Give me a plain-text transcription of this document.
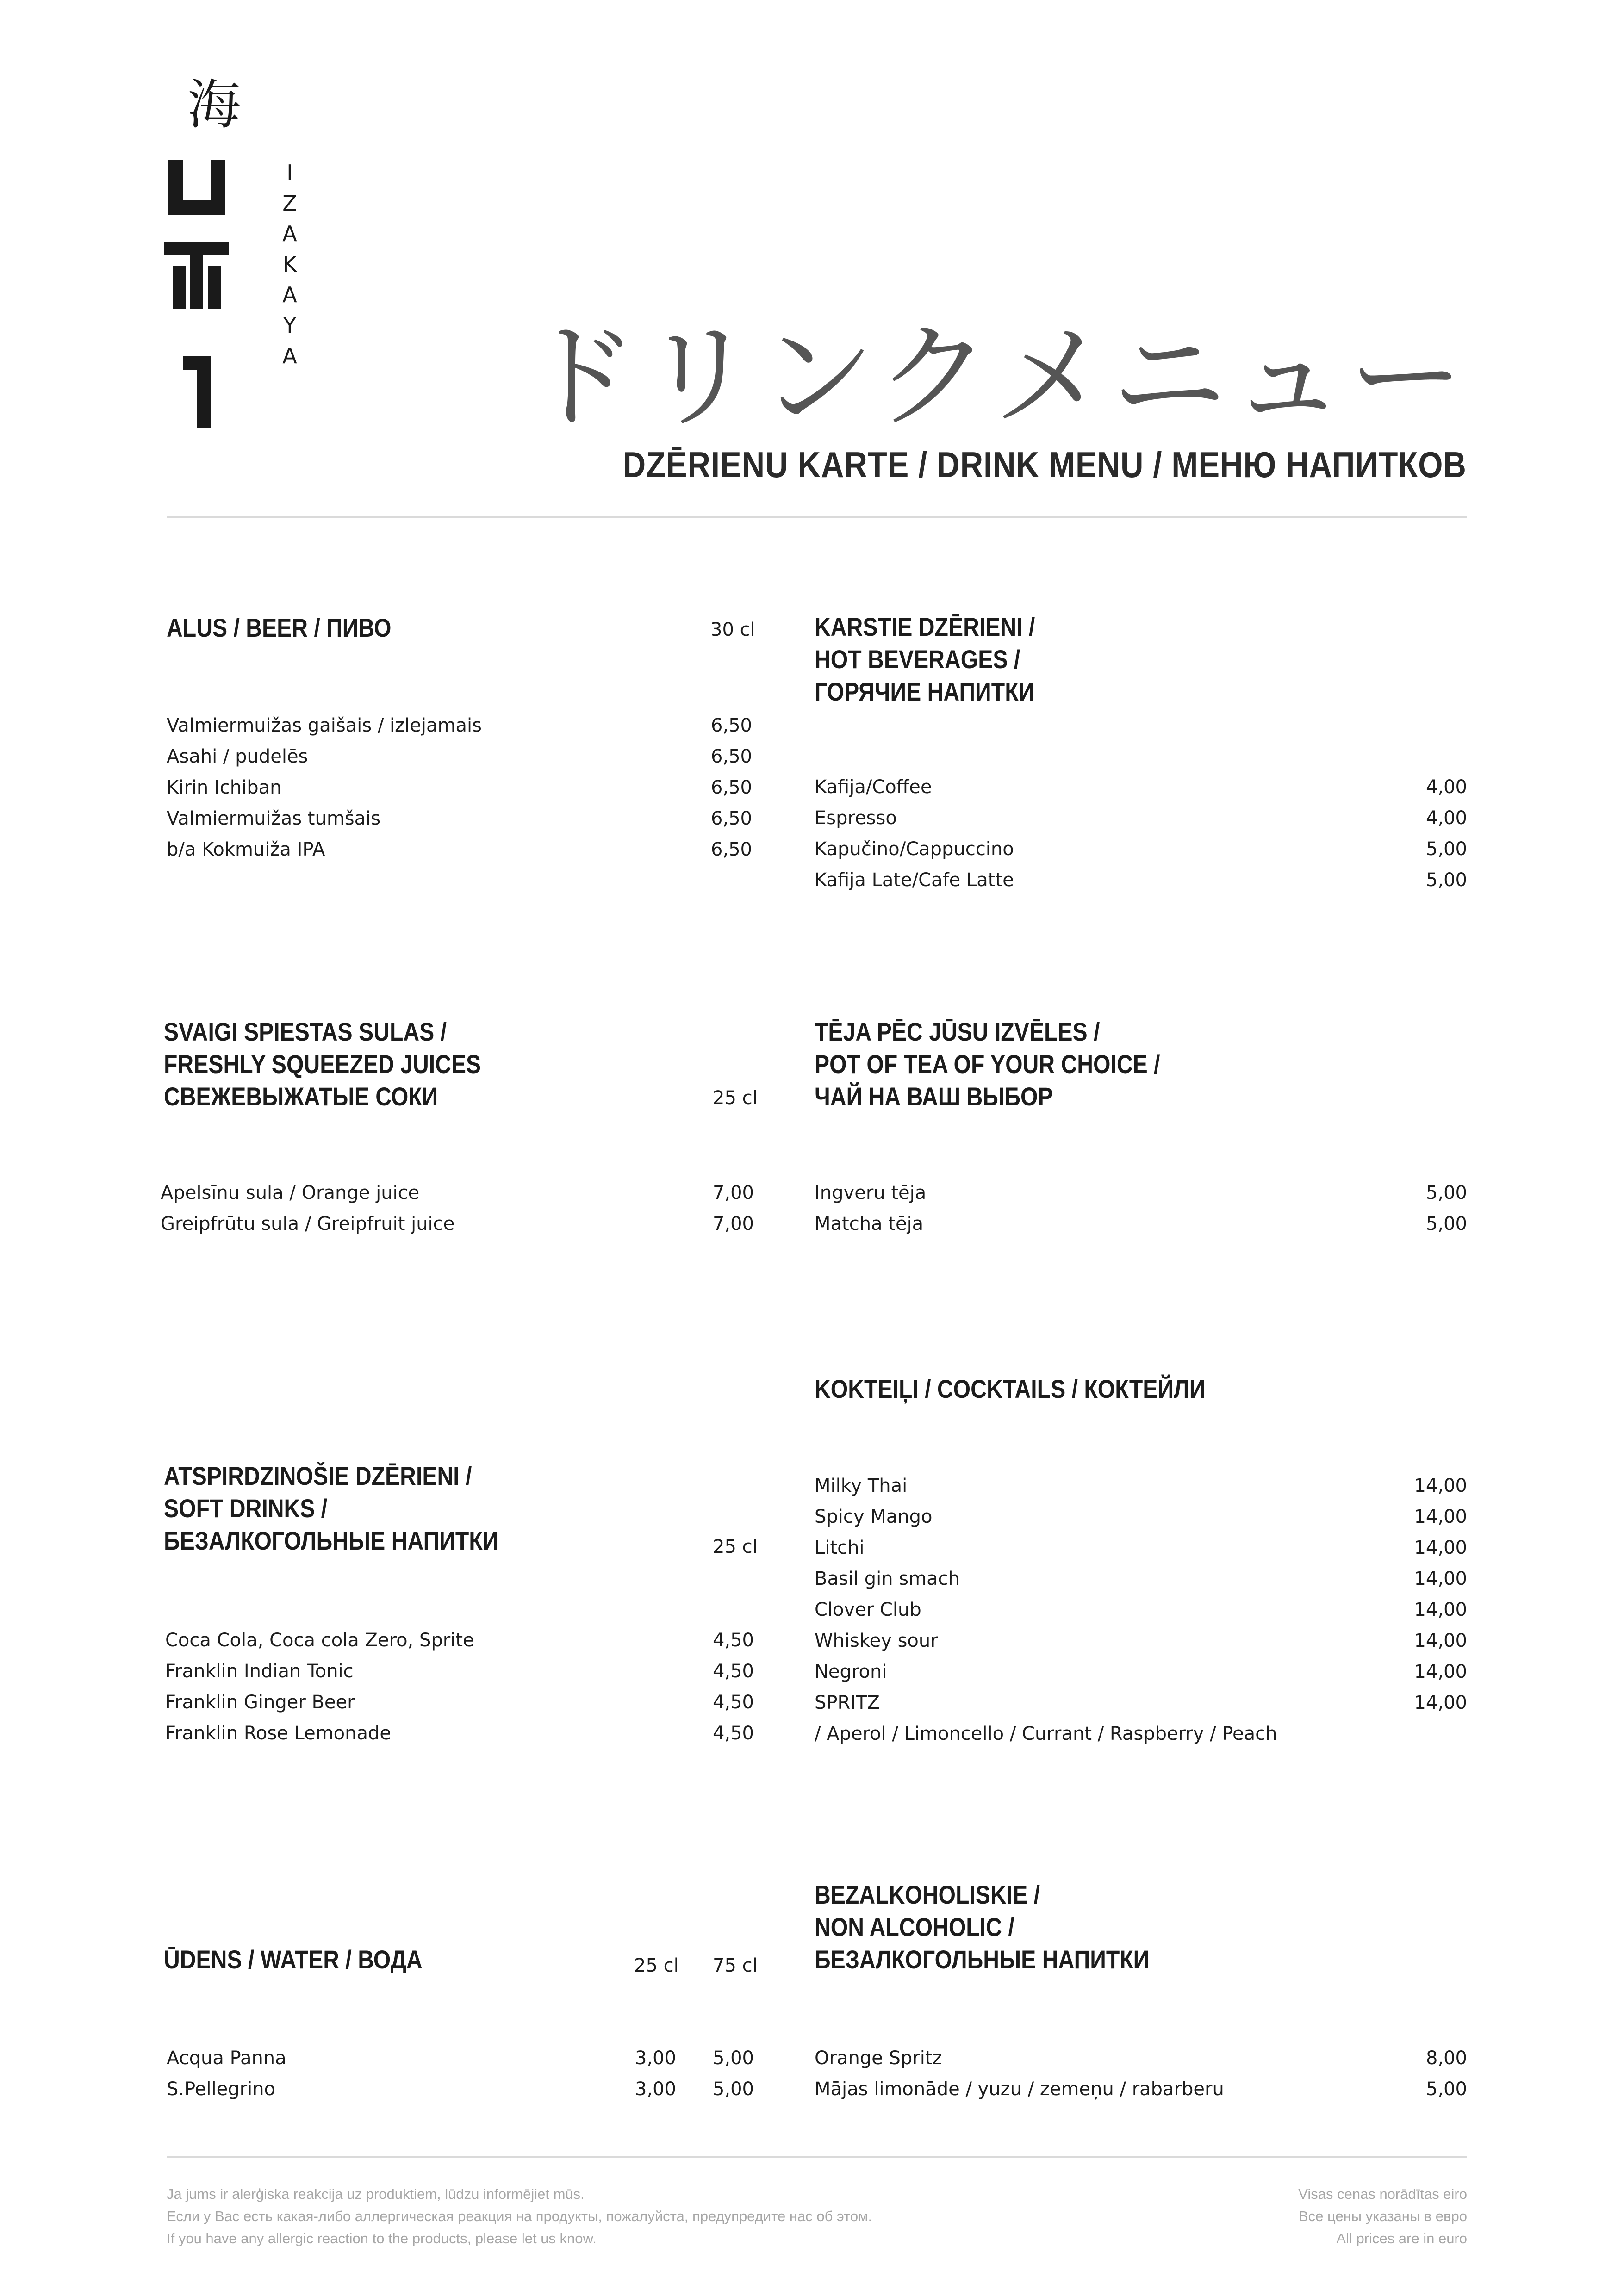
海
I
Z
A
K
A
Y
A ドリンクメニュー
DZĒRIENU KARTE / DRINK MENU / МЕНЮ НАПИТКОВ
ALUS / BEER / ПИВО	30 cl
Valmiermuižas gaišais / izlejamais	6,50
Asahi / pudelēs	6,50
Kirin Ichiban	6,50
Valmiermuižas tumšais	6,50
b/a Kokmuiža IPA	6,50
KARSTIE DZĒRIENI /
HOT BEVERAGES /
ГОРЯЧИЕ НАПИТКИ
Kafija/Coffee	4,00
Espresso	4,00
Kapučino/Cappuccino	5,00
Kafija Late/Cafe Latte	5,00
SVAIGI SPIESTAS SULAS /
FRESHLY SQUEEZED JUICES
СВЕЖЕВЫЖАТЫЕ СОКИ	25 cl
Apelsīnu sula / Orange juice	7,00
Greipfrūtu sula / Greipfruit juice	7,00
TĒJA PĒC JŪSU IZVĒLES /
POT OF TEA OF YOUR CHOICE /
ЧАЙ НА ВАШ ВЫБОР
Ingveru tēja	5,00
Matcha tēja	5,00
KOKTEIĻI / COCKTAILS / КОКТЕЙЛИ
Milky Thai	14,00
Spicy Mango	14,00
Litchi	14,00
Basil gin smach	14,00
Clover Club	14,00
Whiskey sour	14,00
Negroni	14,00
SPRITZ	14,00
/ Aperol / Limoncello / Currant / Raspberry / Peach
ATSPIRDZINOŠIE DZĒRIENI /
SOFT DRINKS /
БЕЗАЛКОГОЛЬНЫЕ НАПИТКИ	25 cl
Coca Cola, Coca cola Zero, Sprite	4,50
Franklin Indian Tonic	4,50
Franklin Ginger Beer	4,50
Franklin Rose Lemonade	4,50
ŪDENS / WATER / ВОДА	25 cl 75 cl
Acqua Panna	3,00 5,00
S.Pellegrino	3,00 5,00
BEZALKOHOLISKIE /
NON ALCOHOLIC /
БЕЗАЛКОГОЛЬНЫЕ НАПИТКИ
Orange Spritz	8,00
Mājas limonāde / yuzu / zemeņu / rabarberu	5,00
Ja jums ir alerģiska reakcija uz produktiem, lūdzu informējiet mūs.
Если у Вас есть какая-либо аллергическая реакция на продукты, пожалуйста, предупредите нас об этом.
If you have any allergic reaction to the products, please let us know.
Visas cenas norādītas eiro
Все цены указаны в евро
All prices are in euro
